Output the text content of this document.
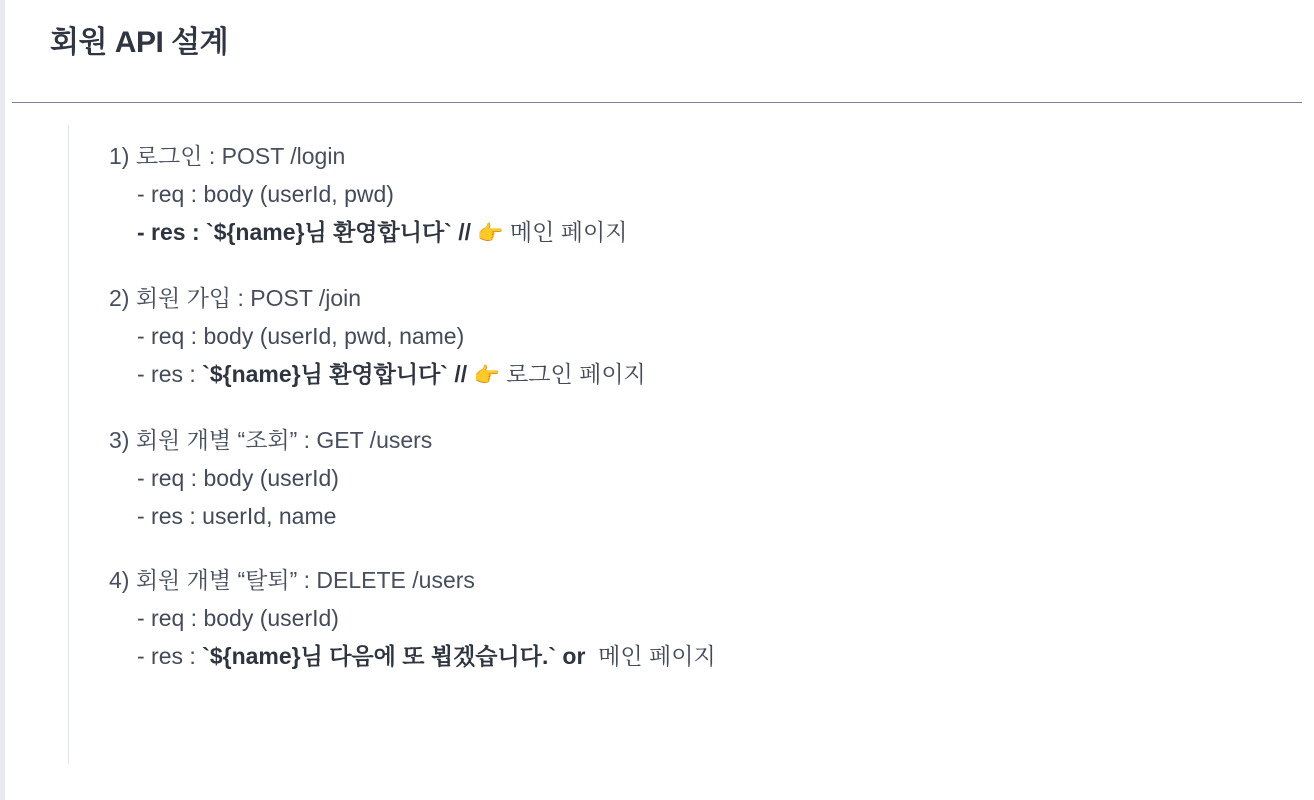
회원 API 설계
1) 로그인 : POST /login
- req : body (userId, pwd)
- res : `${name}님 환영합니다` // 👉 메인 페이지
2) 회원 가입 : POST /join
- req : body (userId, pwd, name)
- res : `${name}님 환영합니다` // 👉 로그인 페이지
3) 회원 개별 “조회” : GET /users
- req : body (userId)
- res : userId, name
4) 회원 개별 “탈퇴” : DELETE /users
- req : body (userId)
- res : `${name}님 다음에 또 뵙겠습니다.` or  메인 페이지
